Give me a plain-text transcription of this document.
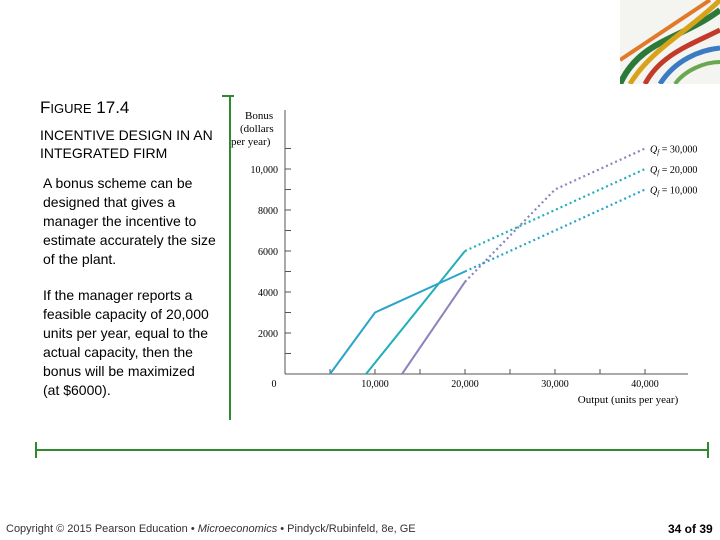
FIGURE 17.4
INCENTIVE DESIGN IN AN INTEGRATED FIRM
A bonus scheme can be designed that gives a manager the incentive to estimate accurately the size of the plant.
If the manager reports a feasible capacity of 20,000 units per year, equal to the actual capacity, then the bonus will be maximized (at $6000).
Bonus
(dollars
per year)
Output (units per year)
2000
4000
6000
8000
10,000
0	10,000	20,000	30,000	40,000
$Q_f = 30,000$
$Q_f = 20,000$
$Q_f = 10,000$
Copyright © 2015 Pearson Education • Microeconomics • Pindyck/Rubinfeld, 8e, GE	34 of 39
